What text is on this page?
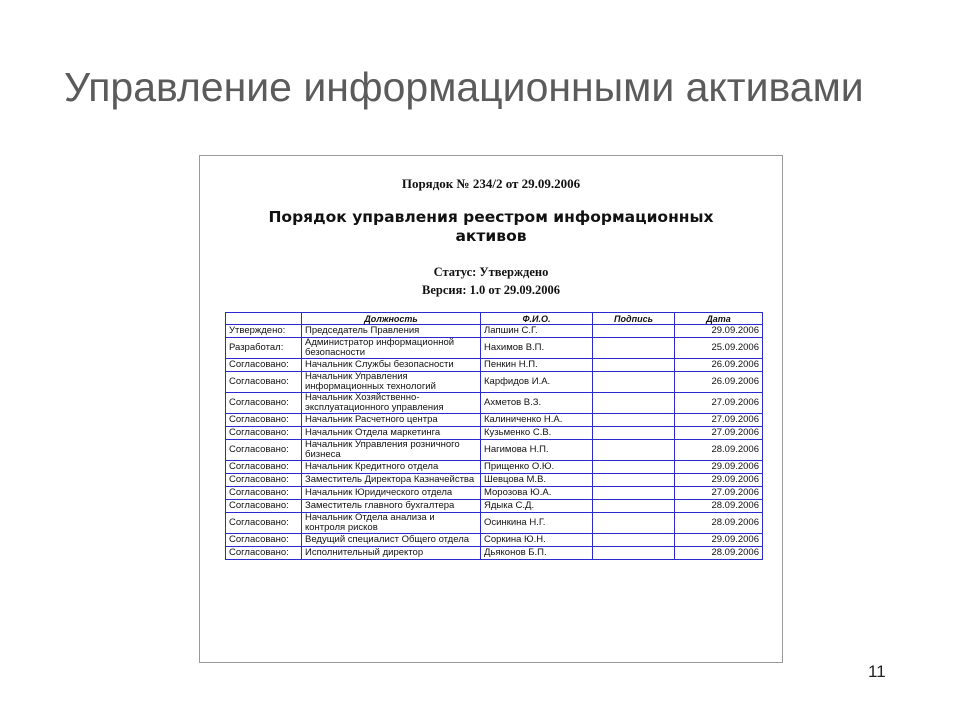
Управление информационными активами
Порядок № 234/2 от 29.09.2006
Порядок управления реестром информационных
активов
Статус: Утверждено
Версия: 1.0 от 29.09.2006
	Должность	Ф.И.О.	Подпись	Дата
Утверждено:	Председатель Правления	Лапшин С.Г.		29.09.2006
Разработал:	Администратор информационной безопасности	Нахимов В.П.		25.09.2006
Согласовано:	Начальник Службы безопасности	Пенкин Н.П.		26.09.2006
Согласовано:	Начальник Управления информационных технологий	Карфидов И.А.		26.09.2006
Согласовано:	Начальник Хозяйственно-эксплуатационного управления	Ахметов В.З.		27.09.2006
Согласовано:	Начальник Расчетного центра	Калиниченко Н.А.		27.09.2006
Согласовано:	Начальник Отдела маркетинга	Кузьменко С.В.		27.09.2006
Согласовано:	Начальник Управления розничного бизнеса	Нагимова Н.П.		28.09.2006
Согласовано:	Начальник Кредитного отдела	Прищенко О.Ю.		29.09.2006
Согласовано:	Заместитель Директора Казначейства	Шевцова М.В.		29.09.2006
Согласовано:	Начальник Юридического отдела	Морозова Ю.А.		27.09.2006
Согласовано:	Заместитель главного бухгалтера	Ядыка С.Д.		28.09.2006
Согласовано:	Начальник Отдела анализа и контроля рисков	Осинкина Н.Г.		28.09.2006
Согласовано:	Ведущий специалист Общего отдела	Соркина Ю.Н.		29.09.2006
Согласовано:	Исполнительный директор	Дьяконов Б.П.		28.09.2006
11
